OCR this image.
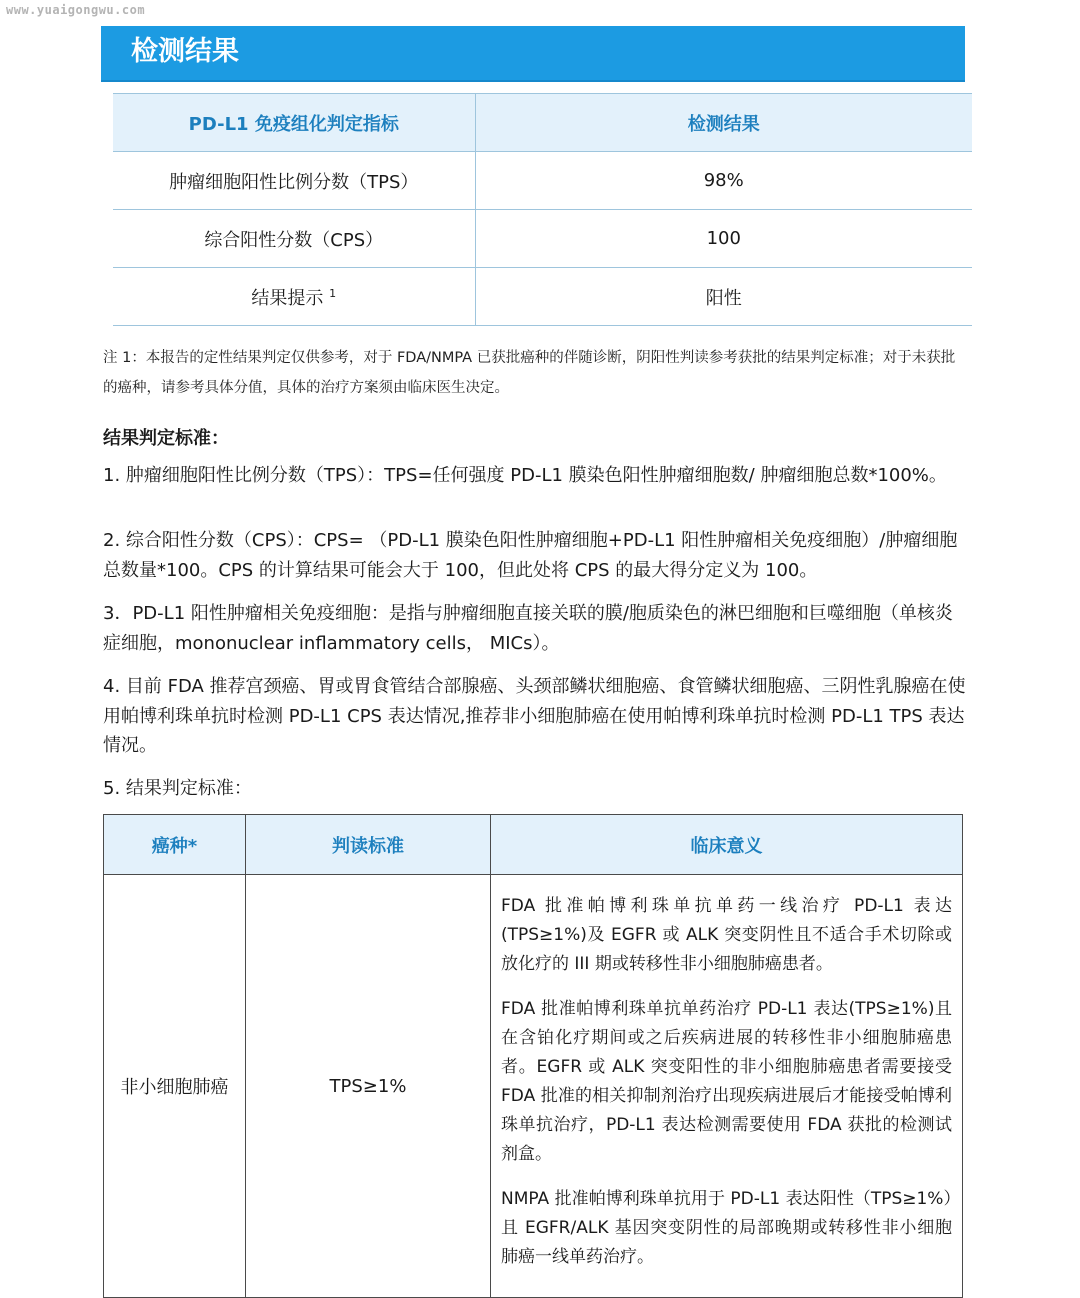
www.yuaigongwu.com
检测结果
PD-L1 免疫组化判定指标	检测结果
肿瘤细胞阳性比例分数（TPS）	98%
综合阳性分数（CPS）	100
结果提示 $^1$	阳性
注 1：本报告的定性结果判定仅供参考，对于 FDA/NMPA 已获批癌种的伴随诊断，阴阳性判读参考获批的结果判定标准；对于未获批的癌种，请参考具体分值，具体的治疗方案须由临床医生决定。
结果判定标准：
1. 肿瘤细胞阳性比例分数（TPS）：TPS=任何强度 PD-L1 膜染色阳性肿瘤细胞数/ 肿瘤细胞总数*100%。
2. 综合阳性分数（CPS）：CPS= （PD-L1 膜染色阳性肿瘤细胞+PD-L1 阳性肿瘤相关免疫细胞）/肿瘤细胞总数量*100。CPS 的计算结果可能会大于 100，但此处将 CPS 的最大得分定义为 100。
3．PD-L1 阳性肿瘤相关免疫细胞：是指与肿瘤细胞直接关联的膜/胞质染色的淋巴细胞和巨噬细胞（单核炎症细胞，mononuclear inflammatory cells， MICs）。
4. 目前 FDA 推荐宫颈癌、胃或胃食管结合部腺癌、头颈部鳞状细胞癌、食管鳞状细胞癌、三阴性乳腺癌在使用帕博利珠单抗时检测 PD-L1 CPS 表达情况,推荐非小细胞肺癌在使用帕博利珠单抗时检测 PD-L1 TPS 表达情况。
5. 结果判定标准：
癌种*	判读标准	临床意义
非小细胞肺癌	TPS≥1%	FDA 批准帕博利珠单抗单药一线治疗 PD-L1 表达(TPS≥1%)及 EGFR 或 ALK 突变阴性且不适合手术切除或放化疗的 III 期或转移性非小细胞肺癌患者。

FDA 批准帕博利珠单抗单药治疗 PD-L1 表达(TPS≥1%)且在含铂化疗期间或之后疾病进展的转移性非小细胞肺癌患者。EGFR 或 ALK 突变阳性的非小细胞肺癌患者需要接受 FDA 批准的相关抑制剂治疗出现疾病进展后才能接受帕博利珠单抗治疗，PD-L1 表达检测需要使用 FDA 获批的检测试剂盒。

NMPA 批准帕博利珠单抗用于 PD-L1 表达阳性（TPS≥1%）且 EGFR/ALK 基因突变阴性的局部晚期或转移性非小细胞肺癌一线单药治疗。
